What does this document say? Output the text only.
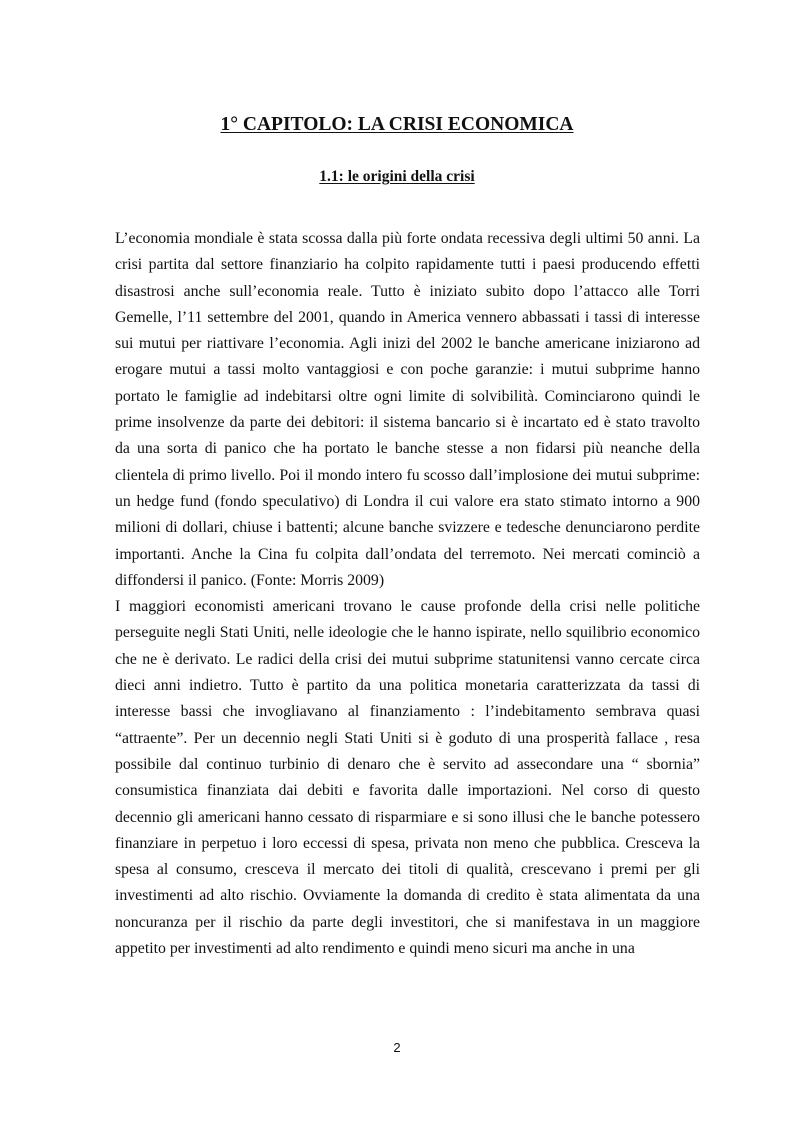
1° CAPITOLO: LA CRISI ECONOMICA
1.1: le origini della crisi

L’economia mondiale è stata scossa dalla più forte ondata recessiva degli ultimi 50 anni. La crisi partita dal settore finanziario ha colpito rapidamente tutti i paesi producendo effetti disastrosi anche sull’economia reale. Tutto è iniziato subito dopo l’attacco alle Torri Gemelle, l’11 settembre del 2001, quando in America vennero abbassati i tassi di interesse sui mutui per riattivare l’economia. Agli inizi del 2002 le banche americane iniziarono ad erogare mutui a tassi molto vantaggiosi e con poche garanzie: i mutui subprime hanno portato le famiglie ad indebitarsi oltre ogni limite di solvibilità. Cominciarono quindi le prime insolvenze da parte dei debitori: il sistema bancario si è incartato ed è stato travolto da una sorta di panico che ha portato le banche stesse a non fidarsi più neanche della clientela di primo livello. Poi il mondo intero fu scosso dall’implosione dei mutui subprime: un hedge fund (fondo speculativo) di Londra il cui valore era stato stimato intorno a 900 milioni di dollari, chiuse i battenti; alcune banche svizzere e tedesche denunciarono perdite importanti. Anche la Cina fu colpita dall’ondata del terremoto. Nei mercati cominciò a diffondersi il panico. (Fonte: Morris 2009)

I maggiori economisti americani trovano le cause profonde della crisi nelle politiche perseguite negli Stati Uniti, nelle ideologie che le hanno ispirate, nello squilibrio economico che ne è derivato. Le radici della crisi dei mutui subprime statunitensi vanno cercate circa dieci anni indietro. Tutto è partito da una politica monetaria caratterizzata da tassi di interesse bassi che invogliavano al finanziamento : l’indebitamento sembrava quasi “attraente”. Per un decennio negli Stati Uniti si è goduto di una prosperità fallace , resa possibile dal continuo turbinio di denaro che è servito ad assecondare una “ sbornia” consumistica finanziata dai debiti e favorita dalle importazioni. Nel corso di questo decennio gli americani hanno cessato di risparmiare e si sono illusi che le banche potessero finanziare in perpetuo i loro eccessi di spesa, privata non meno che pubblica. Cresceva la spesa al consumo, cresceva il mercato dei titoli di qualità, crescevano i premi per gli investimenti ad alto rischio. Ovviamente la domanda di credito è stata alimentata da una noncuranza per il rischio da parte degli investitori, che si manifestava in un maggiore appetito per investimenti ad alto rendimento e quindi meno sicuri ma anche in una

2
